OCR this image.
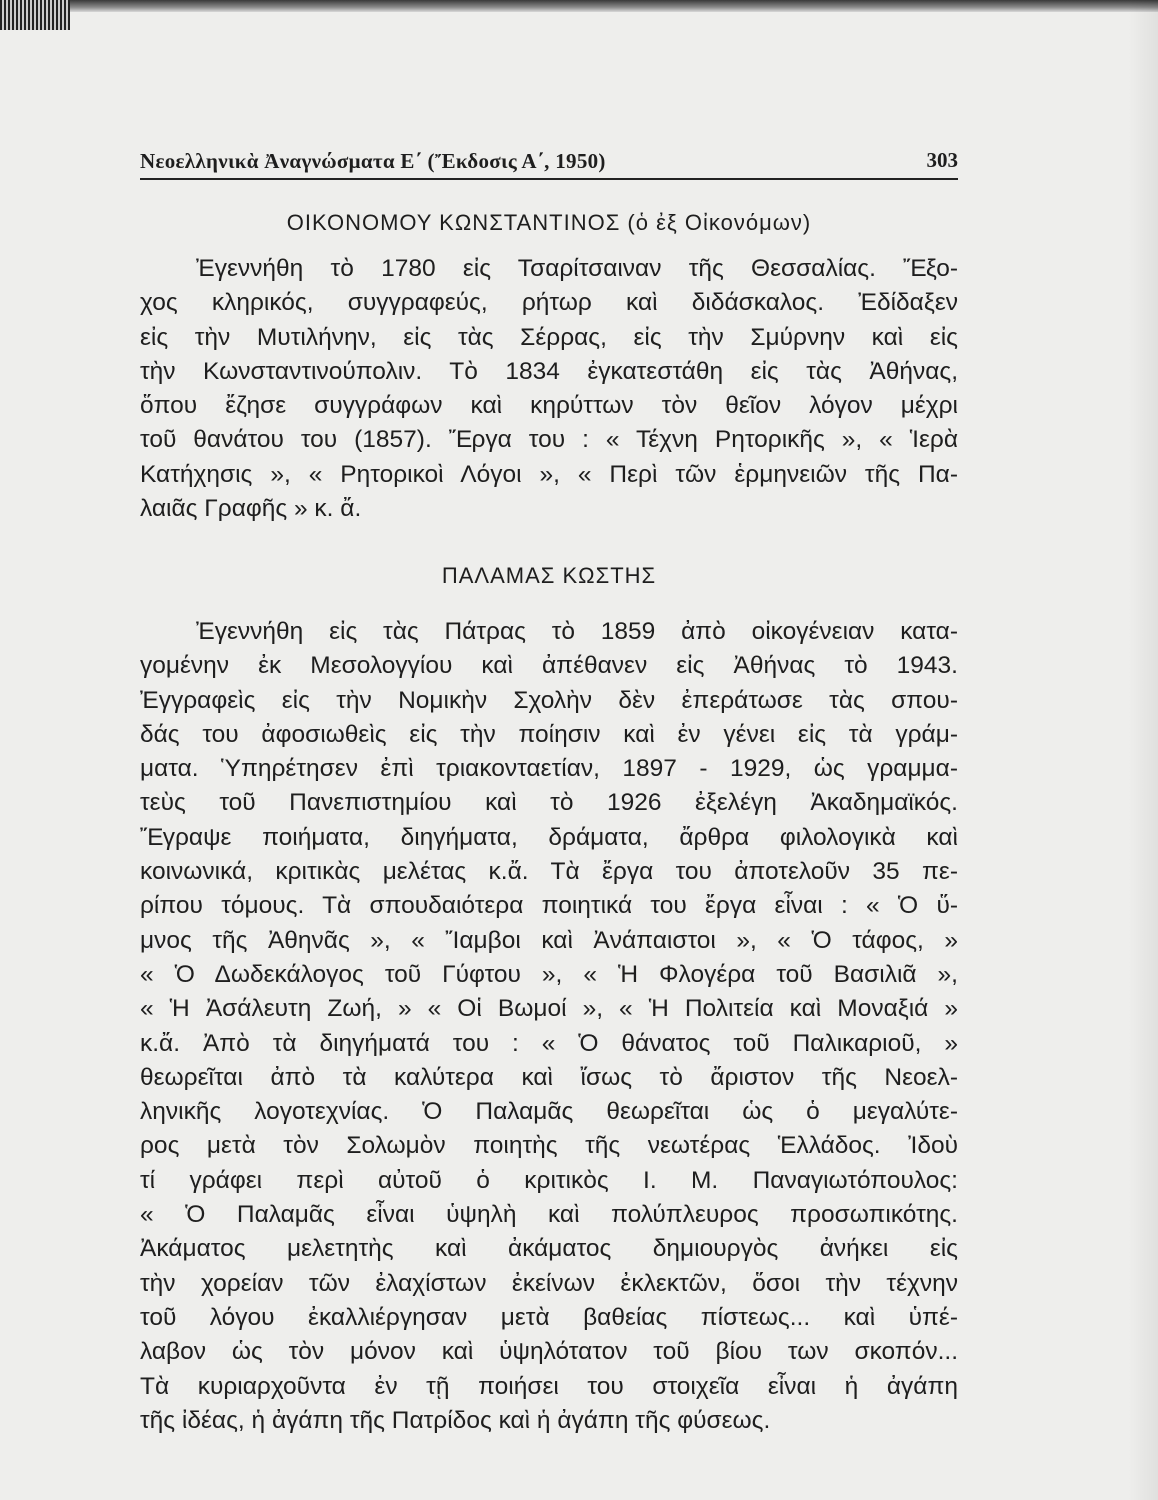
Νεοελληνικὰ Ἀναγνώσματα Ε΄ (Ἔκδοσις Α΄, 1950)	303
ΟΙΚΟΝΟΜΟΥ ΚΩΝΣΤΑΝΤΙΝΟΣ (ὁ ἐξ Οἰκονόμων)
Ἐγεννήθη τὸ 1780 εἰς Τσαρίτσαιναν τῆς Θεσσαλίας. Ἔξο-
χος κληρικός, συγγραφεύς, ρήτωρ καὶ διδάσκαλος. Ἐδίδαξεν
εἰς τὴν Μυτιλήνην, εἰς τὰς Σέρρας, εἰς τὴν Σμύρνην καὶ εἰς
τὴν Κωνσταντινούπολιν. Τὸ 1834 ἐγκατεστάθη εἰς τὰς Ἀθήνας,
ὅπου ἔζησε συγγράφων καὶ κηρύττων τὸν θεῖον λόγον μέχρι
τοῦ θανάτου του (1857). Ἔργα του : « Τέχνη Ρητορικῆς », « Ἱερὰ
Κατήχησις », « Ρητορικοὶ Λόγοι », « Περὶ τῶν ἑρμηνειῶν τῆς Πα-
λαιᾶς Γραφῆς » κ. ἄ.
ΠΑΛΑΜΑΣ ΚΩΣΤΗΣ
Ἐγεννήθη εἰς τὰς Πάτρας τὸ 1859 ἀπὸ οἰκογένειαν κατα-
γομένην ἐκ Μεσολογγίου καὶ ἀπέθανεν εἰς Ἀθήνας τὸ 1943.
Ἐγγραφεὶς εἰς τὴν Νομικὴν Σχολὴν δὲν ἐπεράτωσε τὰς σπου-
δάς του ἀφοσιωθεὶς εἰς τὴν ποίησιν καὶ ἐν γένει εἰς τὰ γράμ-
ματα. Ὑπηρέτησεν ἐπὶ τριακονταετίαν, 1897 - 1929, ὡς γραμμα-
τεὺς τοῦ Πανεπιστημίου καὶ τὸ 1926 ἐξελέγη Ἀκαδημαϊκός.
Ἔγραψε ποιήματα, διηγήματα, δράματα, ἄρθρα φιλολογικὰ καὶ
κοινωνικά, κριτικὰς μελέτας κ.ἄ. Τὰ ἔργα του ἀποτελοῦν 35 πε-
ρίπου τόμους. Τὰ σπουδαιότερα ποιητικά του ἔργα εἶναι : « Ὁ ὕ-
μνος τῆς Ἀθηνᾶς », « Ἴαμβοι καὶ Ἀνάπαιστοι », « Ὁ τάφος, »
« Ὁ Δωδεκάλογος τοῦ Γύφτου », « Ἡ Φλογέρα τοῦ Βασιλιᾶ »,
« Ἡ Ἀσάλευτη Ζωή, » « Οἱ Βωμοί », « Ἡ Πολιτεία καὶ Μοναξιά »
κ.ἄ. Ἀπὸ τὰ διηγήματά του : « Ὁ θάνατος τοῦ Παλικαριοῦ, »
θεωρεῖται ἀπὸ τὰ καλύτερα καὶ ἴσως τὸ ἄριστον τῆς Νεοελ-
ληνικῆς λογοτεχνίας. Ὁ Παλαμᾶς θεωρεῖται ὡς ὁ μεγαλύτε-
ρος μετὰ τὸν Σολωμὸν ποιητὴς τῆς νεωτέρας Ἑλλάδος. Ἰδοὺ
τί γράφει περὶ αὐτοῦ ὁ κριτικὸς Ι. Μ. Παναγιωτόπουλος:
« Ὁ Παλαμᾶς εἶναι ὑψηλὴ καὶ πολύπλευρος προσωπικότης.
Ἀκάματος μελετητὴς καὶ ἀκάματος δημιουργὸς ἀνήκει εἰς
τὴν χορείαν τῶν ἐλαχίστων ἐκείνων ἐκλεκτῶν, ὅσοι τὴν τέχνην
τοῦ λόγου ἐκαλλιέργησαν μετὰ βαθείας πίστεως... καὶ ὑπέ-
λαβον ὡς τὸν μόνον καὶ ὑψηλότατον τοῦ βίου των σκοπόν...
Τὰ κυριαρχοῦντα ἐν τῇ ποιήσει του στοιχεῖα εἶναι ἡ ἀγάπη
τῆς ἰδέας, ἡ ἀγάπη τῆς Πατρίδος καὶ ἡ ἀγάπη τῆς φύσεως.
